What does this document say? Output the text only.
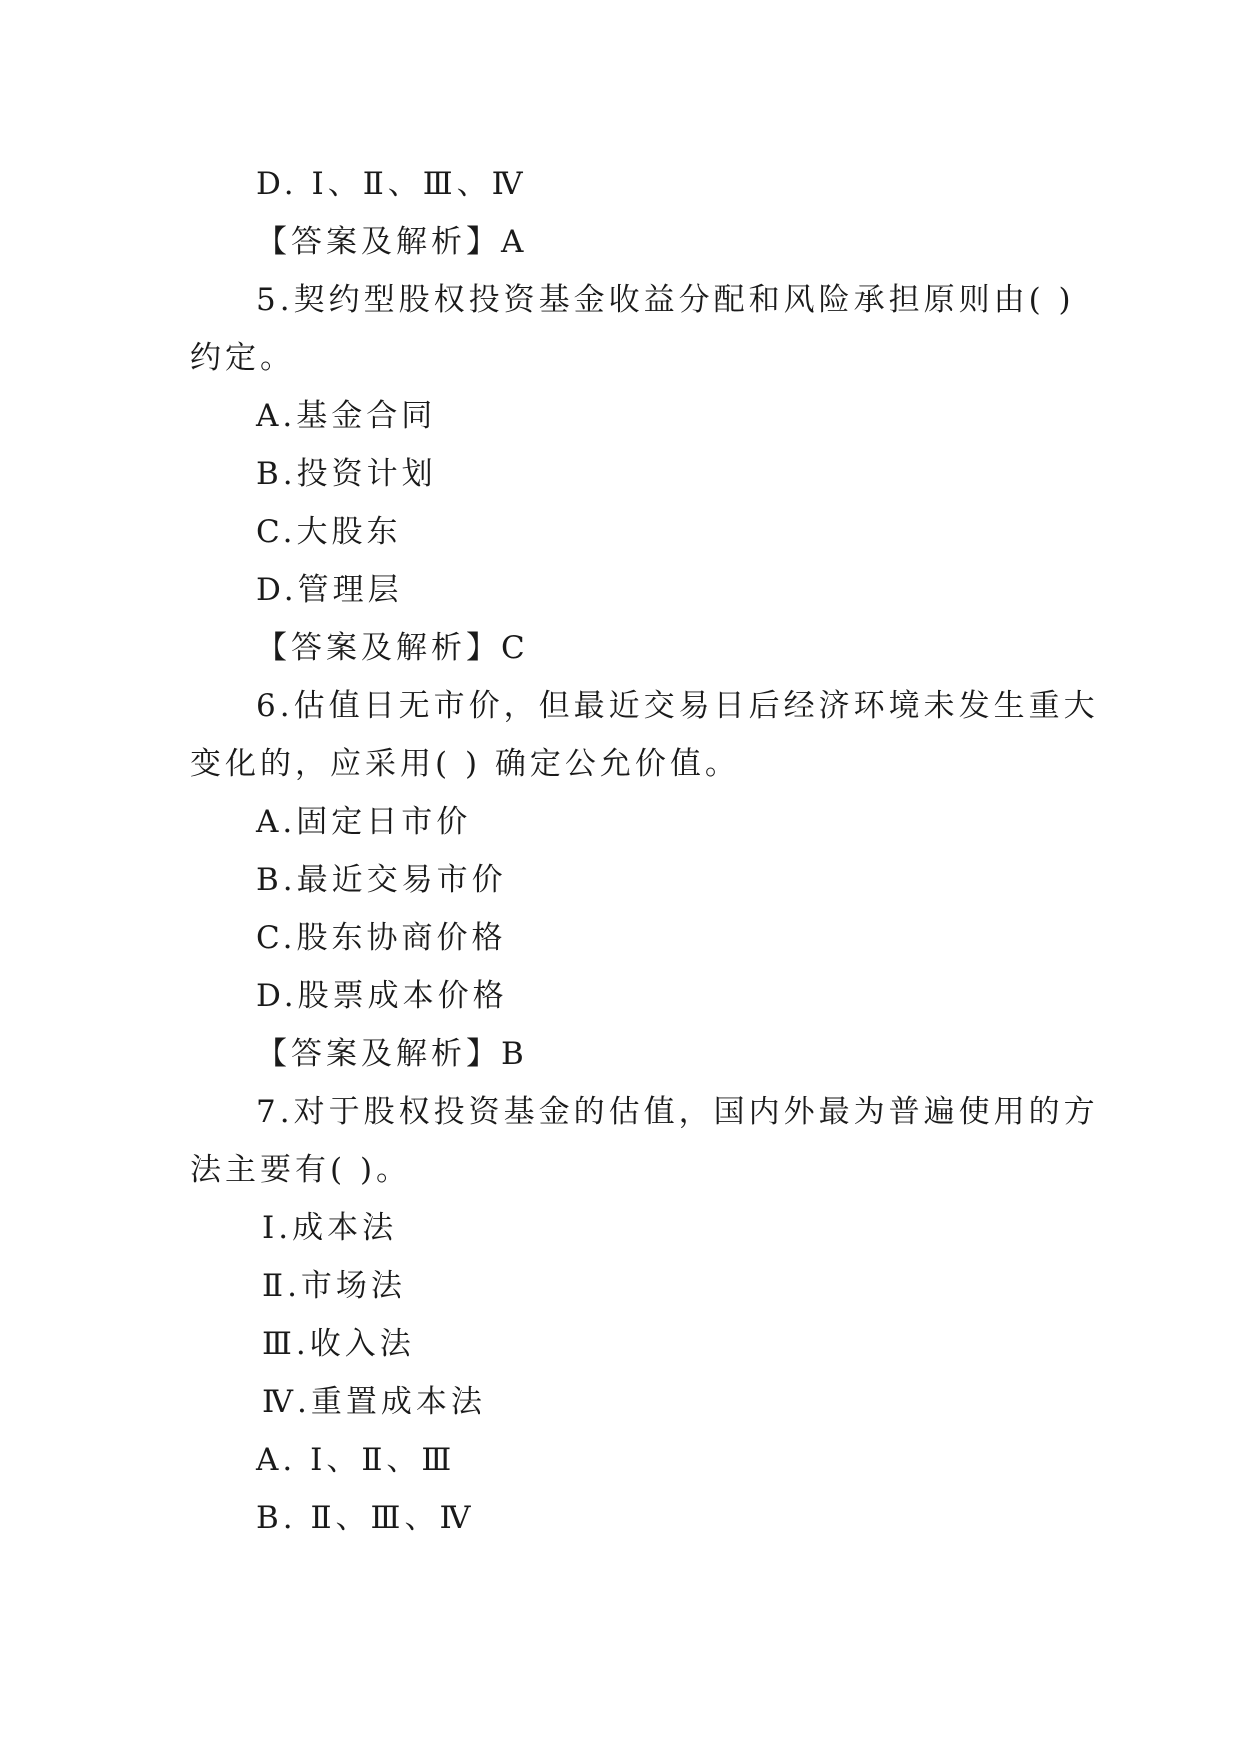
D. Ⅰ、Ⅱ、Ⅲ、Ⅳ
【答案及解析】A
5.契约型股权投资基金收益分配和风险承担原则由( )
约定。
A.基金合同
B.投资计划
C.大股东
D.管理层
【答案及解析】C
6.估值日无市价，但最近交易日后经济环境未发生重大
变化的，应采用( ) 确定公允价值。
A.固定日市价
B.最近交易市价
C.股东协商价格
D.股票成本价格
【答案及解析】B
7.对于股权投资基金的估值，国内外最为普遍使用的方
法主要有( )。
Ⅰ.成本法
Ⅱ.市场法
Ⅲ.收入法
Ⅳ.重置成本法
A. Ⅰ、Ⅱ、Ⅲ
B. Ⅱ、Ⅲ、Ⅳ
